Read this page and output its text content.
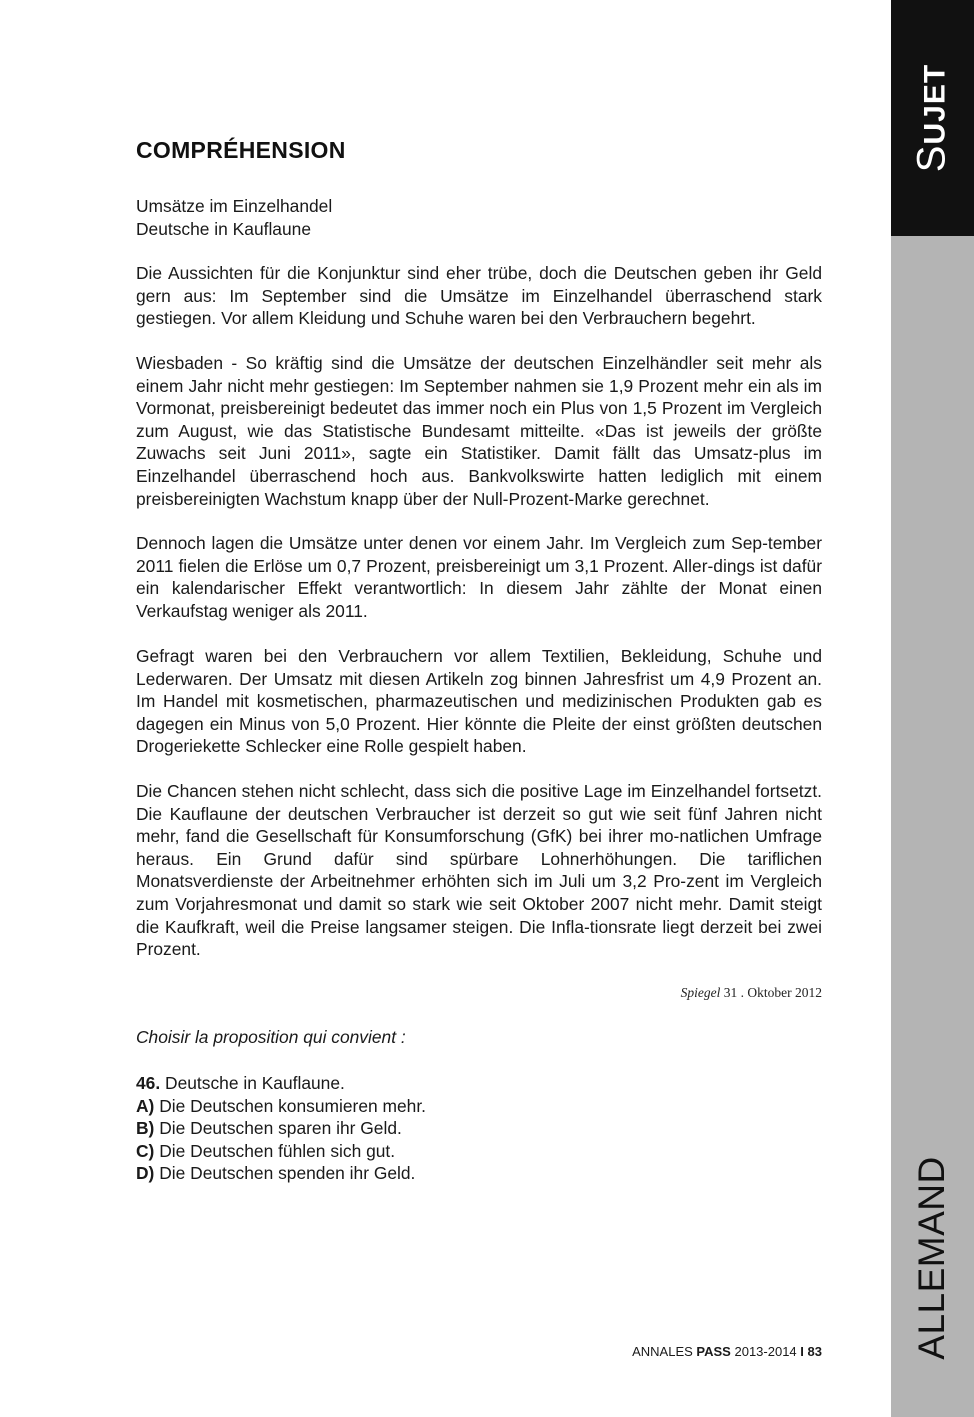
SUJET
ALLEMAND
COMPRÉHENSION
Umsätze im Einzelhandel
Deutsche in Kauflaune

Die Aussichten für die Konjunktur sind eher trübe, doch die Deutschen geben ihr Geld gern aus: Im September sind die Umsätze im Einzelhandel überraschend stark gestiegen. Vor allem Kleidung und Schuhe waren bei den Verbrauchern begehrt.

Wiesbaden - So kräftig sind die Umsätze der deutschen Einzelhändler seit mehr als einem Jahr nicht mehr gestiegen: Im September nahmen sie 1,9 Prozent mehr ein als im Vormonat, preisbereinigt bedeutet das immer noch ein Plus von 1,5 Prozent im Vergleich zum August, wie das Statistische Bundesamt mitteilte. «Das ist jeweils der größte Zuwachs seit Juni 2011», sagte ein Statistiker. Damit fällt das Umsatz-plus im Einzelhandel überraschend hoch aus. Bankvolkswirte hatten lediglich mit einem preisbereinigten Wachstum knapp über der Null-Prozent-Marke gerechnet.

Dennoch lagen die Umsätze unter denen vor einem Jahr. Im Vergleich zum Sep-tember 2011 fielen die Erlöse um 0,7 Prozent, preisbereinigt um 3,1 Prozent. Aller-dings ist dafür ein kalendarischer Effekt verantwortlich: In diesem Jahr zählte der Monat einen Verkaufstag weniger als 2011.

Gefragt waren bei den Verbrauchern vor allem Textilien, Bekleidung, Schuhe und Lederwaren. Der Umsatz mit diesen Artikeln zog binnen Jahresfrist um 4,9 Prozent an. Im Handel mit kosmetischen, pharmazeutischen und medizinischen Produkten gab es dagegen ein Minus von 5,0 Prozent. Hier könnte die Pleite der einst größten deutschen Drogeriekette Schlecker eine Rolle gespielt haben.

Die Chancen stehen nicht schlecht, dass sich die positive Lage im Einzelhandel fortsetzt. Die Kauflaune der deutschen Verbraucher ist derzeit so gut wie seit fünf Jahren nicht mehr, fand die Gesellschaft für Konsumforschung (GfK) bei ihrer mo-natlichen Umfrage heraus. Ein Grund dafür sind spürbare Lohnerhöhungen. Die tariflichen Monatsverdienste der Arbeitnehmer erhöhten sich im Juli um 3,2 Pro-zent im Vergleich zum Vorjahresmonat und damit so stark wie seit Oktober 2007 nicht mehr. Damit steigt die Kaufkraft, weil die Preise langsamer steigen. Die Infla-tionsrate liegt derzeit bei zwei Prozent.

Spiegel 31 . Oktober 2012

Choisir la proposition qui convient :

46. Deutsche in Kauflaune.
A) Die Deutschen konsumieren mehr.
B) Die Deutschen sparen ihr Geld.
C) Die Deutschen fühlen sich gut.
D) Die Deutschen spenden ihr Geld.
ANNALES PASS 2013-2014 I 83
